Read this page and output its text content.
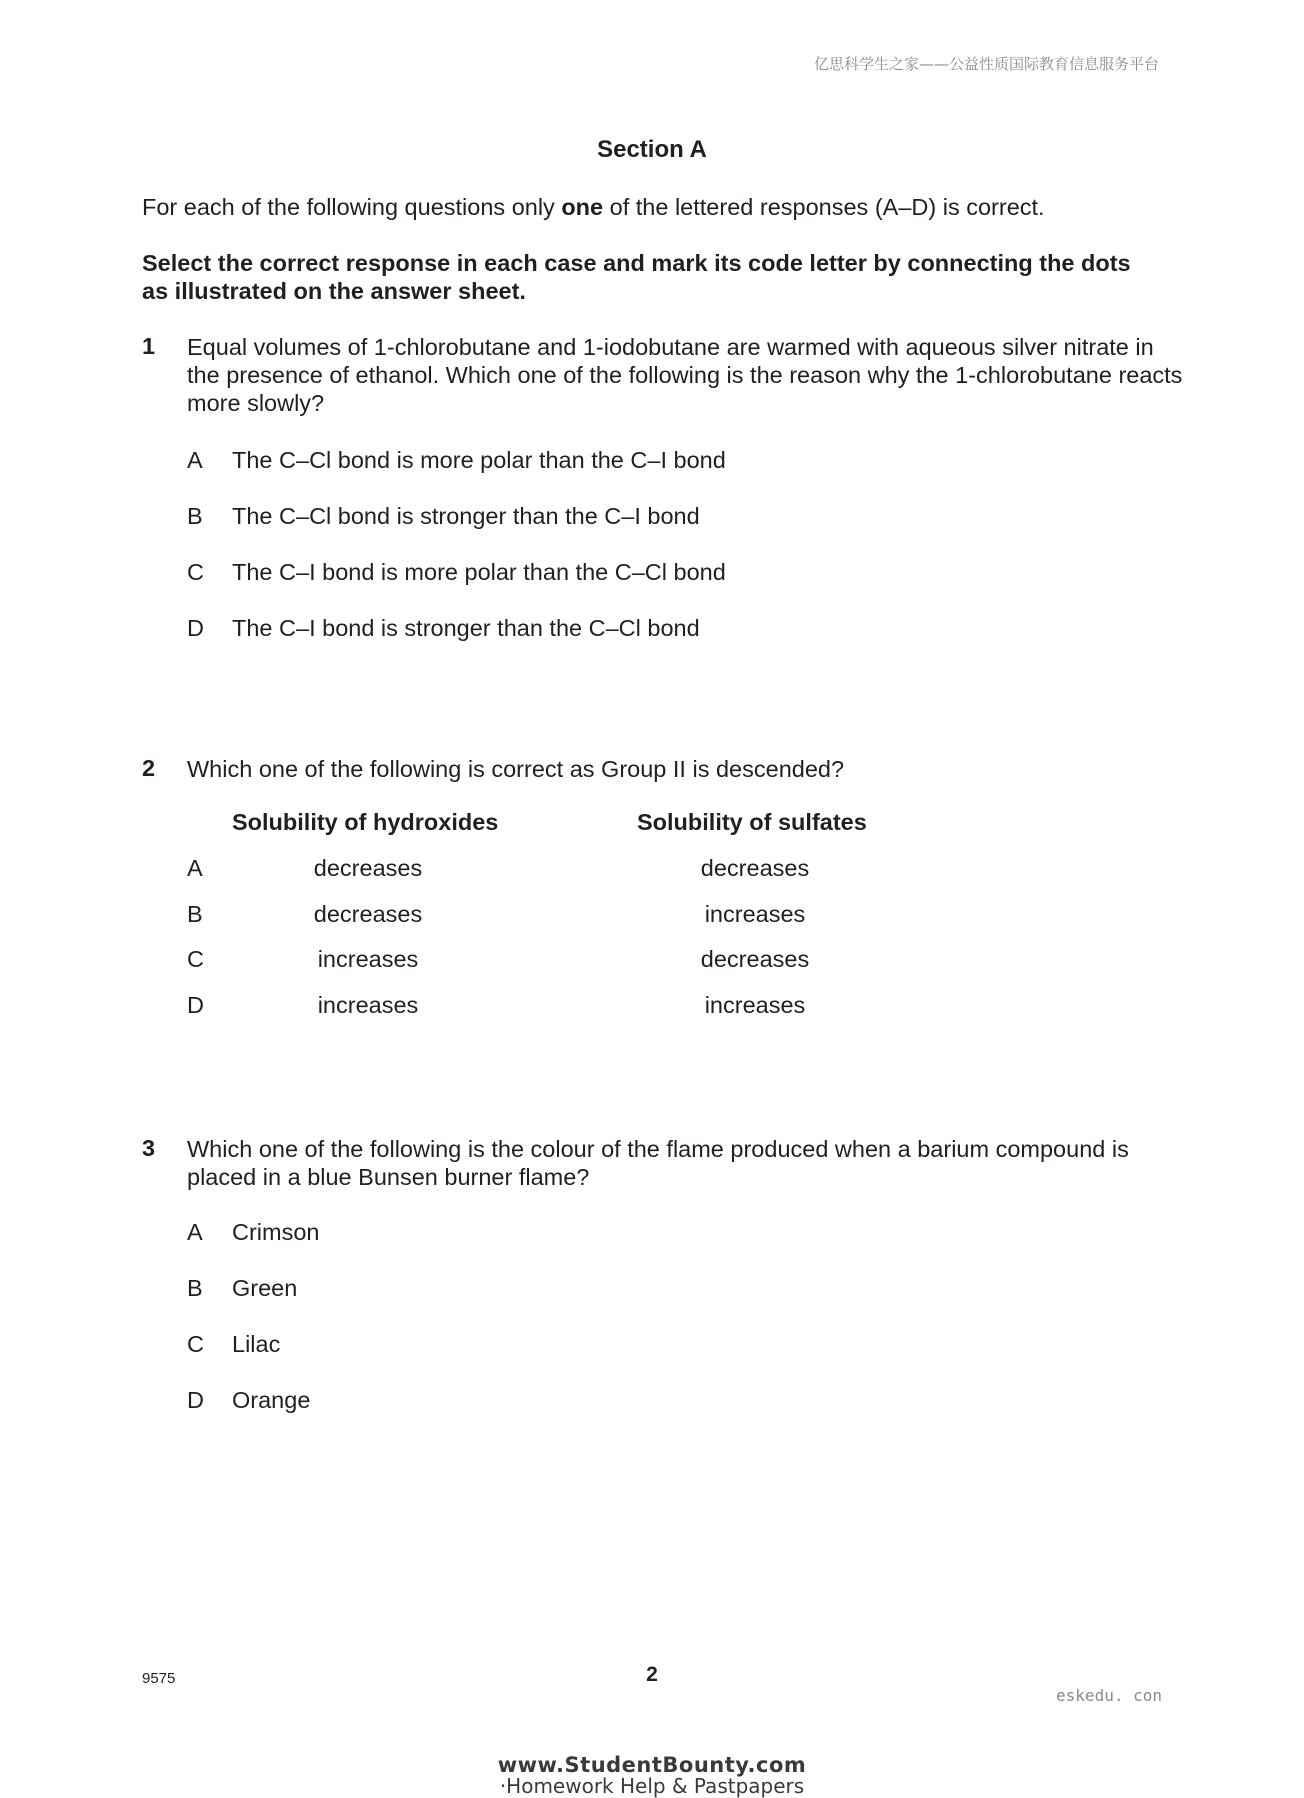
亿思科学生之家——公益性质国际教育信息服务平台
Section A
For each of the following questions only one of the lettered responses (A–D) is correct.
Select the correct response in each case and mark its code letter by connecting the dots as illustrated on the answer sheet.
1 Equal volumes of 1-chlorobutane and 1-iodobutane are warmed with aqueous silver nitrate in the presence of ethanol. Which one of the following is the reason why the 1-chlorobutane reacts more slowly?
A The C–Cl bond is more polar than the C–I bond
B The C–Cl bond is stronger than the C–I bond
C The C–I bond is more polar than the C–Cl bond
D The C–I bond is stronger than the C–Cl bond
2 Which one of the following is correct as Group II is descended?
Solubility of hydroxides	Solubility of sulfates
A	decreases	decreases
B	decreases	increases
C	increases	decreases
D	increases	increases
3 Which one of the following is the colour of the flame produced when a barium compound is placed in a blue Bunsen burner flame?
A Crimson
B Green
C Lilac
D Orange
9575	2
eskedu. con
www.StudentBounty.com
·Homework Help & Pastpapers
